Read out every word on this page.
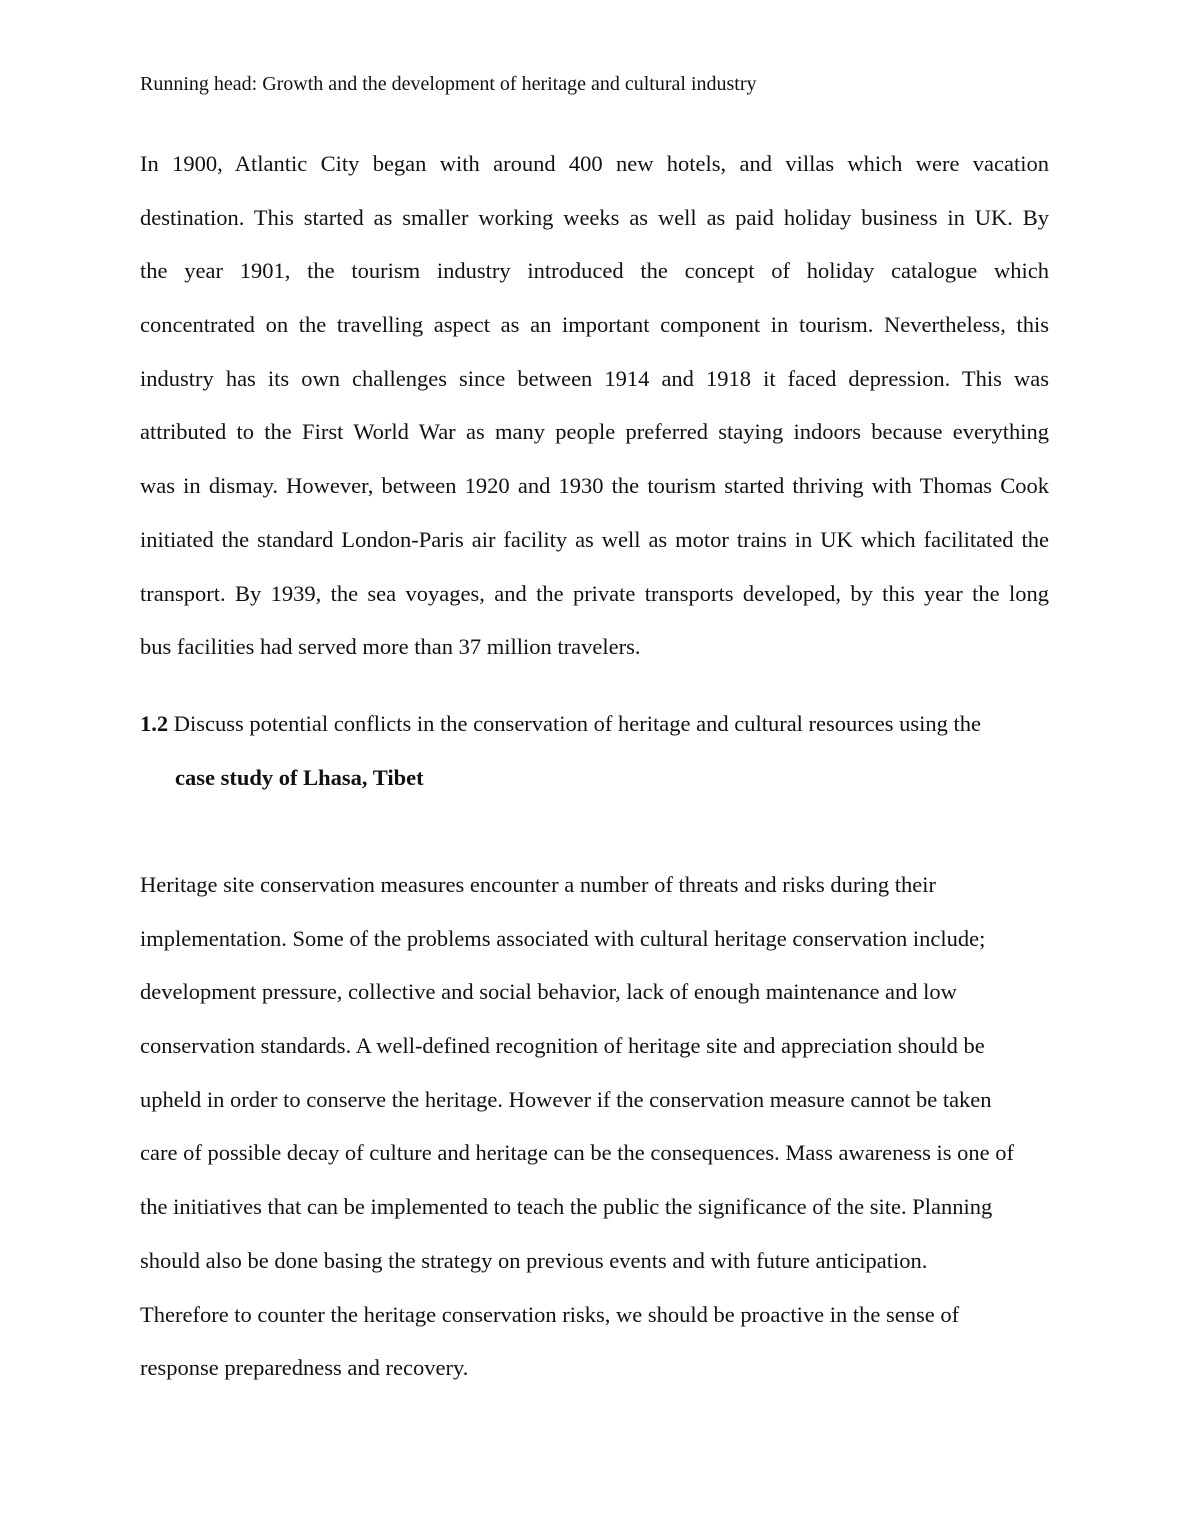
Running head: Growth and the development of heritage and cultural industry
In 1900, Atlantic City began with around 400 new hotels, and villas which were vacation
destination. This started as smaller working weeks as well as paid holiday business in UK. By
the year 1901, the tourism industry introduced the concept of holiday catalogue which
concentrated on the travelling aspect as an important component in tourism. Nevertheless, this
industry has its own challenges since between 1914 and 1918 it faced depression. This was
attributed to the First World War as many people preferred staying indoors because everything
was in dismay. However, between 1920 and 1930 the tourism started thriving with Thomas Cook
initiated the standard London-Paris air facility as well as motor trains in UK which facilitated the
transport. By 1939, the sea voyages, and the private transports developed, by this year the long
bus facilities had served more than 37 million travelers.
1.2 Discuss potential conflicts in the conservation of heritage and cultural resources using the
case study of Lhasa, Tibet
Heritage site conservation measures encounter a number of threats and risks during their
implementation. Some of the problems associated with cultural heritage conservation include;
development pressure, collective and social behavior, lack of enough maintenance and low
conservation standards. A well-defined recognition of heritage site and appreciation should be
upheld in order to conserve the heritage. However if the conservation measure cannot be taken
care of possible decay of culture and heritage can be the consequences. Mass awareness is one of
the initiatives that can be implemented to teach the public the significance of the site. Planning
should also be done basing the strategy on previous events and with future anticipation.
Therefore to counter the heritage conservation risks, we should be proactive in the sense of
response preparedness and recovery.
